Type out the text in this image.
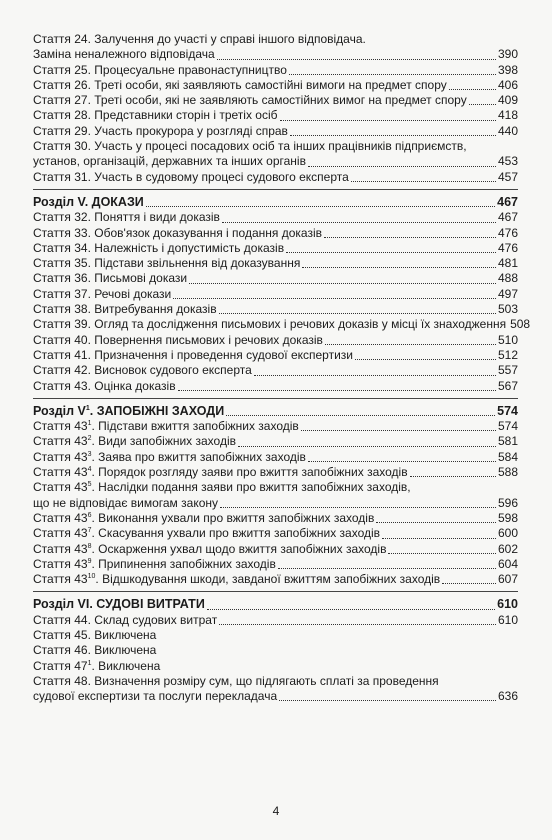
Стаття 24. Залучення до участі у справі іншого відповідача.
Заміна неналежного відповідача	390
Стаття 25. Процесуальне правонаступництво	398
Стаття 26. Треті особи, які заявляють самостійні вимоги на предмет спору	406
Стаття 27. Треті особи, які не заявляють самостійних вимог на предмет спору	409
Стаття 28. Представники сторін і третіх осіб	418
Стаття 29. Участь прокурора у розгляді справ	440
Стаття 30. Участь у процесі посадових осіб та інших працівників підприємств,
установ, організацій, державних та інших органів	453
Стаття 31. Участь в судовому процесі судового експерта	457
Розділ V. ДОКАЗИ	467
Стаття 32. Поняття і види доказів	467
Стаття 33. Обов'язок доказування і подання доказів	476
Стаття 34. Належність і допустимість доказів	476
Стаття 35. Підстави звільнення від доказування	481
Стаття 36. Письмові докази	488
Стаття 37. Речові докази	497
Стаття 38. Витребування доказів	503
Стаття 39. Огляд та дослідження письмових і речових доказів у місці їх знаходження 508
Стаття 40. Повернення письмових і речових доказів	510
Стаття 41. Призначення і проведення судової експертизи	512
Стаття 42. Висновок судового експерта	557
Стаття 43. Оцінка доказів	567
Розділ $V^1$. ЗАПОБІЖНІ ЗАХОДИ	574
Стаття $43^1$. Підстави вжиття запобіжних заходів	574
Стаття $43^2$. Види запобіжних заходів	581
Стаття $43^3$. Заява про вжиття запобіжних заходів	584
Стаття $43^4$. Порядок розгляду заяви про вжиття запобіжних заходів	588
Стаття $43^5$. Наслідки подання заяви про вжиття запобіжних заходів,
що не відповідає вимогам закону	596
Стаття $43^6$. Виконання ухвали про вжиття запобіжних заходів	598
Стаття $43^7$. Скасування ухвали про вжиття запобіжних заходів	600
Стаття $43^8$. Оскарження ухвал щодо вжиття запобіжних заходів	602
Стаття $43^9$. Припинення запобіжних заходів	604
Стаття $43^{10}$. Відшкодування шкоди, завданої вжиттям запобіжних заходів	607
Розділ VI. СУДОВІ ВИТРАТИ	610
Стаття 44. Склад судових витрат	610
Стаття 45. Виключена
Стаття 46. Виключена
Стаття $47^1$. Виключена
Стаття 48. Визначення розміру сум, що підлягають сплаті за проведення
судової експертизи та послуги перекладача	636
4
